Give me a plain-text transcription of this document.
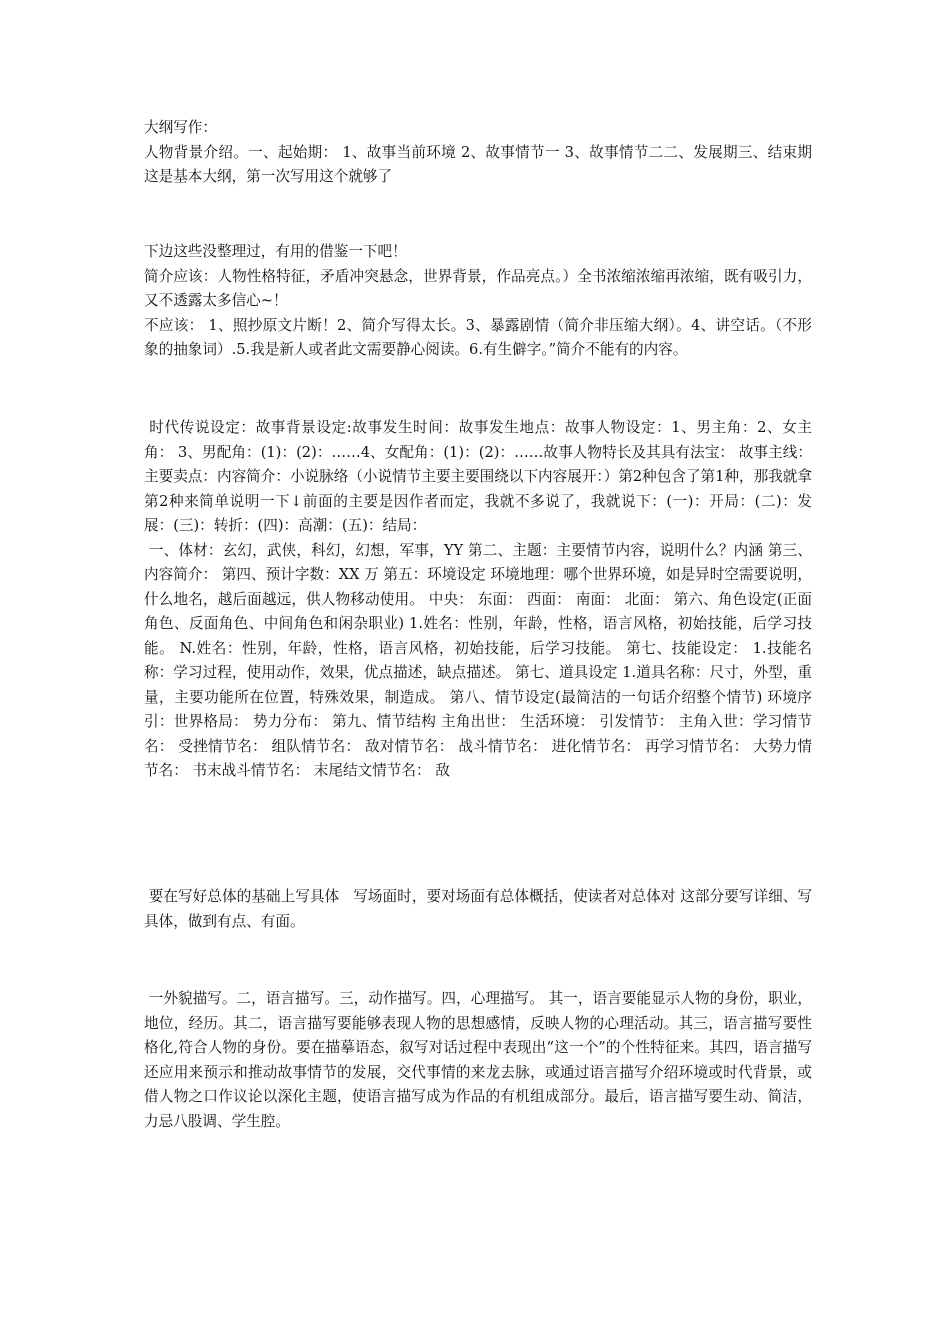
大纲写作：
人物背景介绍。一、起始期： 1、故事当前环境 2、故事情节一 3、故事情节二二、发展期三、结束期    这是基本大纲，第一次写用这个就够了

下边这些没整理过，有用的借鉴一下吧！
简介应该：人物性格特征，矛盾冲突悬念，世界背景，作品亮点。）全书浓缩浓缩再浓缩，既有吸引力，又不透露太多信心~！
不应该： 1、照抄原文片断！2、简介写得太长。3、暴露剧情（简介非压缩大纲）。4、讲空话。（不形象的抽象词）.5.我是新人或者此文需要静心阅读。6.有生僻字。”简介不能有的内容。

时代传说设定：故事背景设定:故事发生时间：故事发生地点：故事人物设定：1、男主角：2、女主角： 3、男配角：(1)：(2)：……4、女配角：(1)：(2)：……故事人物特长及其具有法宝： 故事主线：主要卖点：内容简介：小说脉络（小说情节主要主要围绕以下内容展开：）第2种包含了第1种，那我就拿第2种来简单说明一下↓前面的主要是因作者而定，我就不多说了，我就说下：(一)：开局：(二)：发展：(三)：转折：(四)：高潮：(五)：结局：
一、体材：玄幻，武侠，科幻，幻想，军事，YY 第二、主题：主要情节内容，说明什么？内涵 第三、内容简介： 第四、预计字数：XX 万 第五：环境设定 环境地理：哪个世界环境，如是异时空需要说明，什么地名，越后面越远，供人物移动使用。 中央： 东面： 西面： 南面： 北面： 第六、角色设定(正面角色、反面角色、中间角色和闲杂职业) 1.姓名：性别，年龄，性格，语言风格，初始技能，后学习技能。 N.姓名：性别，年龄，性格，语言风格，初始技能，后学习技能。 第七、技能设定： 1.技能名称：学习过程，使用动作，效果，优点描述，缺点描述。 第七、道具设定 1.道具名称：尺寸，外型，重量，主要功能所在位置，特殊效果，制造成。 第八、情节设定(最简洁的一句话介绍整个情节) 环境序引：世界格局： 势力分布： 第九、情节结构 主角出世： 生活环境： 引发情节： 主角入世：学习情节名： 受挫情节名： 组队情节名： 敌对情节名： 战斗情节名： 进化情节名： 再学习情节名： 大势力情节名： 书末战斗情节名： 末尾结文情节名： 敌

要在写好总体的基础上写具体   写场面时，要对场面有总体概括，使读者对总体对 这部分要写详细、写具体，做到有点、有面。

一外貌描写。二，语言描写。三，动作描写。四，心理描写。 其一，语言要能显示人物的身份，职业，地位，经历。其二，语言描写要能够表现人物的思想感情，反映人物的心理活动。其三，语言描写要性格化,符合人物的身份。要在描摹语态，叙写对话过程中表现出“这一个”的个性特征来。其四，语言描写还应用来预示和推动故事情节的发展，交代事情的来龙去脉，或通过语言描写介绍环境或时代背景，或借人物之口作议论以深化主题，使语言描写成为作品的有机组成部分。最后，语言描写要生动、简洁，力忌八股调、学生腔。
